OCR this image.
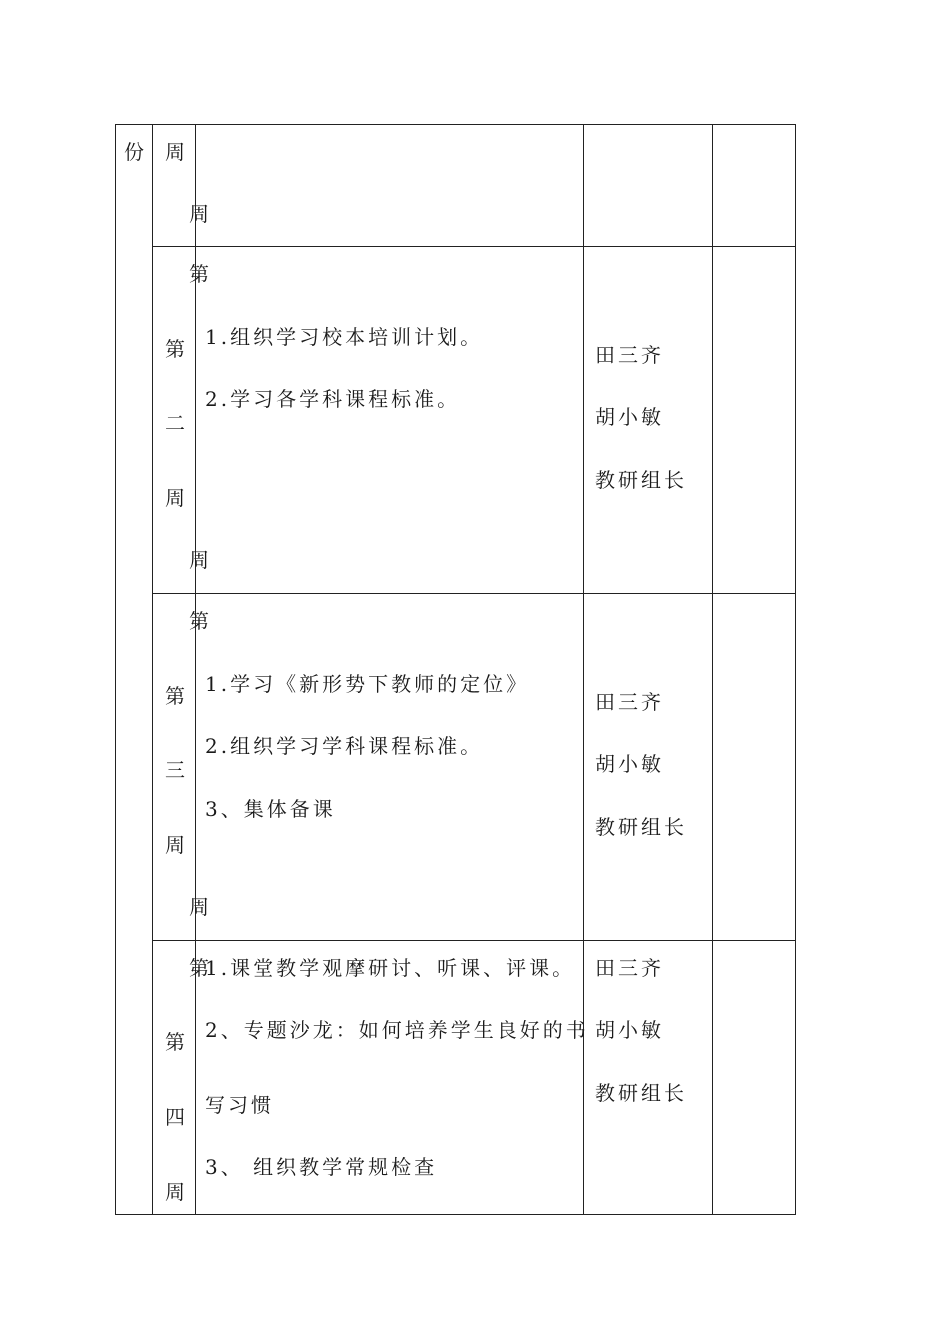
份 周
周
第
第
二
周
周
1.组织学习校本培训计划。
2.学习各学科课程标准。
田三齐
胡小敏
教研组长
第
第
三
周
周
1.学习《新形势下教师的定位》
2.组织学习学科课程标准。
3、集体备课
田三齐
胡小敏
教研组长
第
第
四
周
1.课堂教学观摩研讨、听课、评课。
2、专题沙龙：如何培养学生良好的书
写习惯
3、 组织教学常规检查
田三齐
胡小敏
教研组长
